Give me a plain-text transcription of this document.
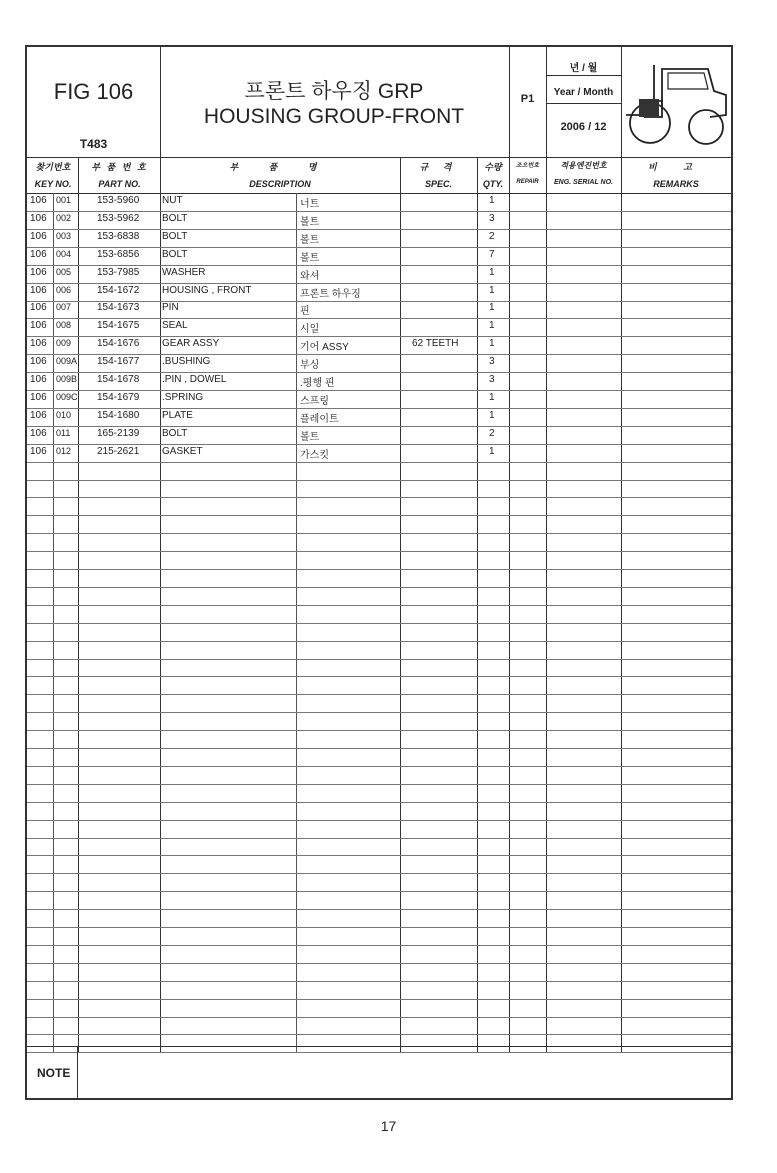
FIG 106
T483
프론트 하우징 GRP
HOUSING GROUP-FRONT
P1
년 / 월
Year / Month
2006 / 12
찾기번호
KEY NO.
부 품 번 호
PART NO.
부 품 명
DESCRIPTION
규 격
SPEC.
수량
QTY.
조오번호
REPAIR
적용엔진번호
ENG. SERIAL NO.
비 고
REMARKS
106 001	153-5960 NUT	너트	1
106 002	153-5962 BOLT	볼트	3
106 003	153-6838 BOLT	볼트	2
106 004	153-6856 BOLT	볼트	7
106 005	153-7985 WASHER	와셔	1
106 006	154-1672 HOUSING , FRONT	프론트 하우징	1
106 007	154-1673 PIN	핀	1
106 008	154-1675 SEAL	시일	1
106 009	154-1676 GEAR ASSY	기어 ASSY	62 TEETH	1
106 009A 154-1677 .BUSHING	부싱	3
106 009B 154-1678 .PIN , DOWEL	.평행 핀	3
106 009C 154-1679 .SPRING	스프링	1
106 010	154-1680 PLATE	플레이트	1
106 011	165-2139 BOLT	볼트	2
106 012	215-2621 GASKET	가스킷	1
NOTE
17
